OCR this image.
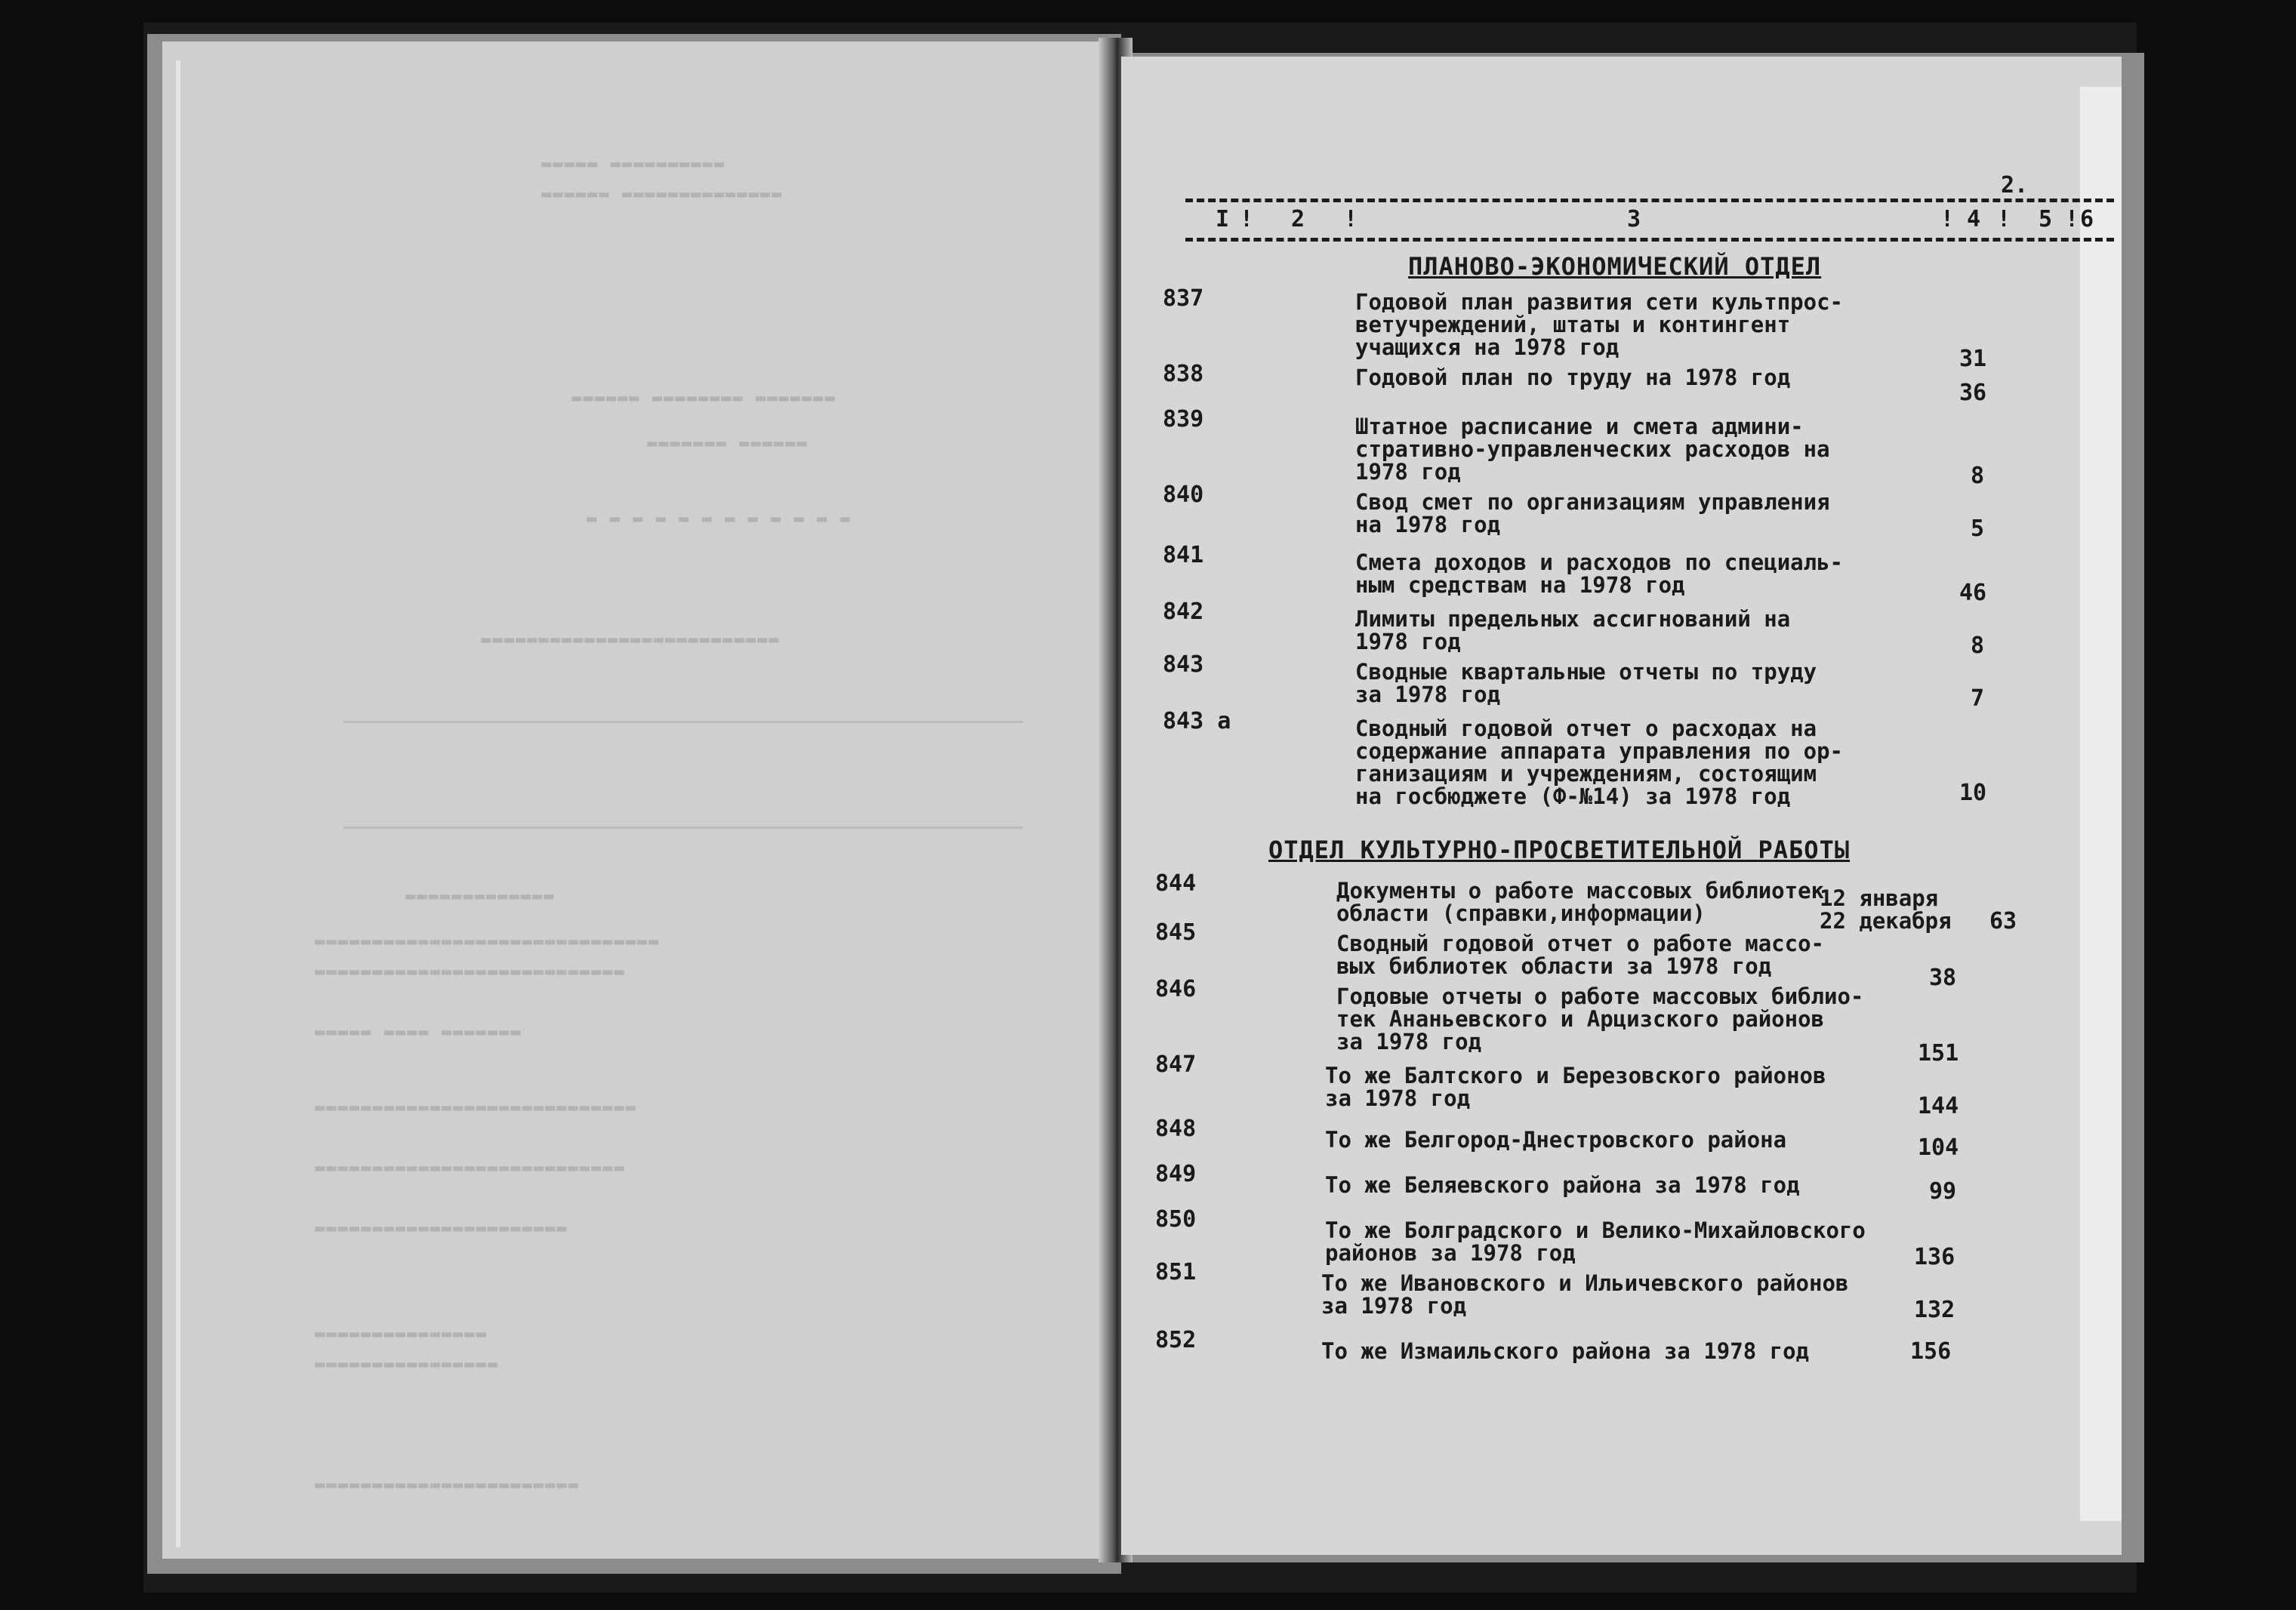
▬▬▬▬▬▬▬▬▬▬ ▬▬▬▬▬
▬▬▬▬▬▬▬▬▬▬▬▬▬▬ ▬▬▬▬▬▬
▬▬▬▬▬▬▬ ▬▬▬▬▬▬▬▬ ▬▬▬▬▬▬
▬▬▬▬▬▬ ▬▬▬▬▬▬▬
▬ ▬ ▬ ▬ ▬ ▬ ▬ ▬ ▬ ▬ ▬ ▬
▬▬▬▬▬▬▬▬▬▬▬▬▬▬▬▬▬▬▬▬▬▬▬▬▬▬
▬▬▬▬▬▬▬▬▬▬▬▬▬
▬▬▬▬▬▬▬▬▬▬▬▬▬▬▬▬▬▬▬▬▬▬▬▬▬▬▬▬▬▬
▬▬▬▬▬▬▬▬▬▬▬▬▬▬▬▬▬▬▬▬▬▬▬▬▬▬▬
▬▬▬▬▬▬▬ ▬▬▬▬ ▬▬▬▬▬
▬▬▬▬▬▬▬▬▬▬▬▬▬▬▬▬▬▬▬▬▬▬▬▬▬▬▬▬
▬▬▬▬▬▬▬▬▬▬▬▬▬▬▬▬▬▬▬▬▬▬▬▬▬▬▬
▬▬▬▬▬▬▬▬▬▬▬▬▬▬▬▬▬▬▬▬▬▬
▬▬▬▬▬▬▬▬▬▬▬▬▬▬▬
▬▬▬▬▬▬▬▬▬▬▬▬▬▬▬▬
▬▬▬▬▬▬▬▬▬▬▬▬▬▬▬▬▬▬▬▬▬▬▬
2.
I ! 2 !	3	! 4 ! 5 ! 6
ПЛАНОВО-ЭКОНОМИЧЕСКИЙ ОТДЕЛ
837	Годовой план развития сети культпрос-
ветучреждений, штаты и контингент
учащихся на 1978 год	31
838	Годовой план по труду на 1978 год
36
839	Штатное расписание и смета админи-
стративно-управленческих расходов на
1978 год	8
840	Свод смет по организациям управления
на 1978 год	5
841	Смета доходов и расходов по специаль-
ным средствам на 1978 год	46
842	Лимиты предельных ассигнований на
1978 год	8
843	Сводные квартальные отчеты по труду
за 1978 год	7
843 а	Сводный годовой отчет о расходах на
содержание аппарата управления по ор-
ганизациям и учреждениям, состоящим
на госбюджете (Ф-№14) за 1978 год	10
ОТДЕЛ КУЛЬТУРНО-ПРОСВЕТИТЕЛЬНОЙ РАБОТЫ
844	Документы о работе массовых библиотек
области (справки,информации)
12 января
22 декабря 63
845	Сводный годовой отчет о работе массо-
вых библиотек области за 1978 год	38
846	Годовые отчеты о работе массовых библио-
тек Ананьевского и Арцизского районов
за 1978 год	151
847	То же Балтского и Березовского районов
за 1978 год	144
848	То же Белгород-Днестровского района	104
849	То же Беляевского района за 1978 год	99
850	То же Болградского и Велико-Михайловского
районов за 1978 год	136
851	То же Ивановского и Ильичевского районов
за 1978 год	132
852	То же Измаильского района за 1978 год	156
